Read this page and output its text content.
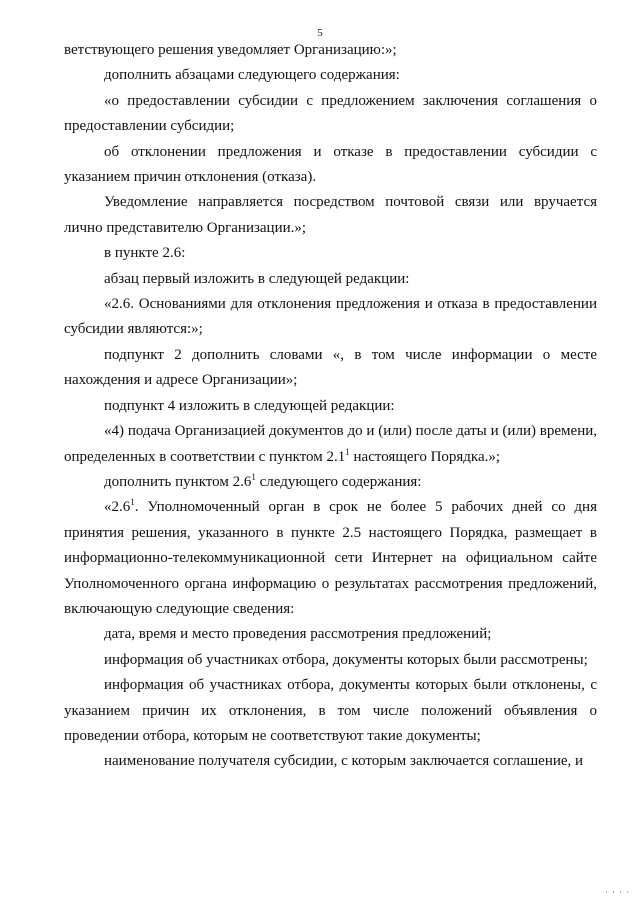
5

ветствующего решения уведомляет Организацию:»;

дополнить абзацами следующего содержания:

«о предоставлении субсидии с предложением заключения соглашения о предоставлении субсидии;

об отклонении предложения и отказе в предоставлении субсидии с указанием причин отклонения (отказа).

Уведомление направляется посредством почтовой связи или вручается лично представителю Организации.»;

в пункте 2.6:

абзац первый изложить в следующей редакции:

«2.6. Основаниями для отклонения предложения и отказа в предоставлении субсидии являются:»;

подпункт 2 дополнить словами «, в том числе информации о месте нахождения и адресе Организации»;

подпункт 4 изложить в следующей редакции:

«4) подача Организацией документов до и (или) после даты и (или) времени, определенных в соответствии с пунктом $2.1^1$ настоящего Порядка.»;

дополнить пунктом $2.6^1$ следующего содержания:

«$2.6^1$. Уполномоченный орган в срок не более 5 рабочих дней со дня принятия решения, указанного в пункте 2.5 настоящего Порядка, размещает в информационно-телекоммуникационной сети Интернет на официальном сайте Уполномоченного органа информацию о результатах рассмотрения предложений, включающую следующие сведения:

дата, время и место проведения рассмотрения предложений;

информация об участниках отбора, документы которых были рассмотрены;

информация об участниках отбора, документы которых были отклонены, с указанием причин их отклонения, в том числе положений объявления о проведении отбора, которым не соответствуют такие документы;

наименование получателя субсидии, с которым заключается соглашение, и

· · · ·
